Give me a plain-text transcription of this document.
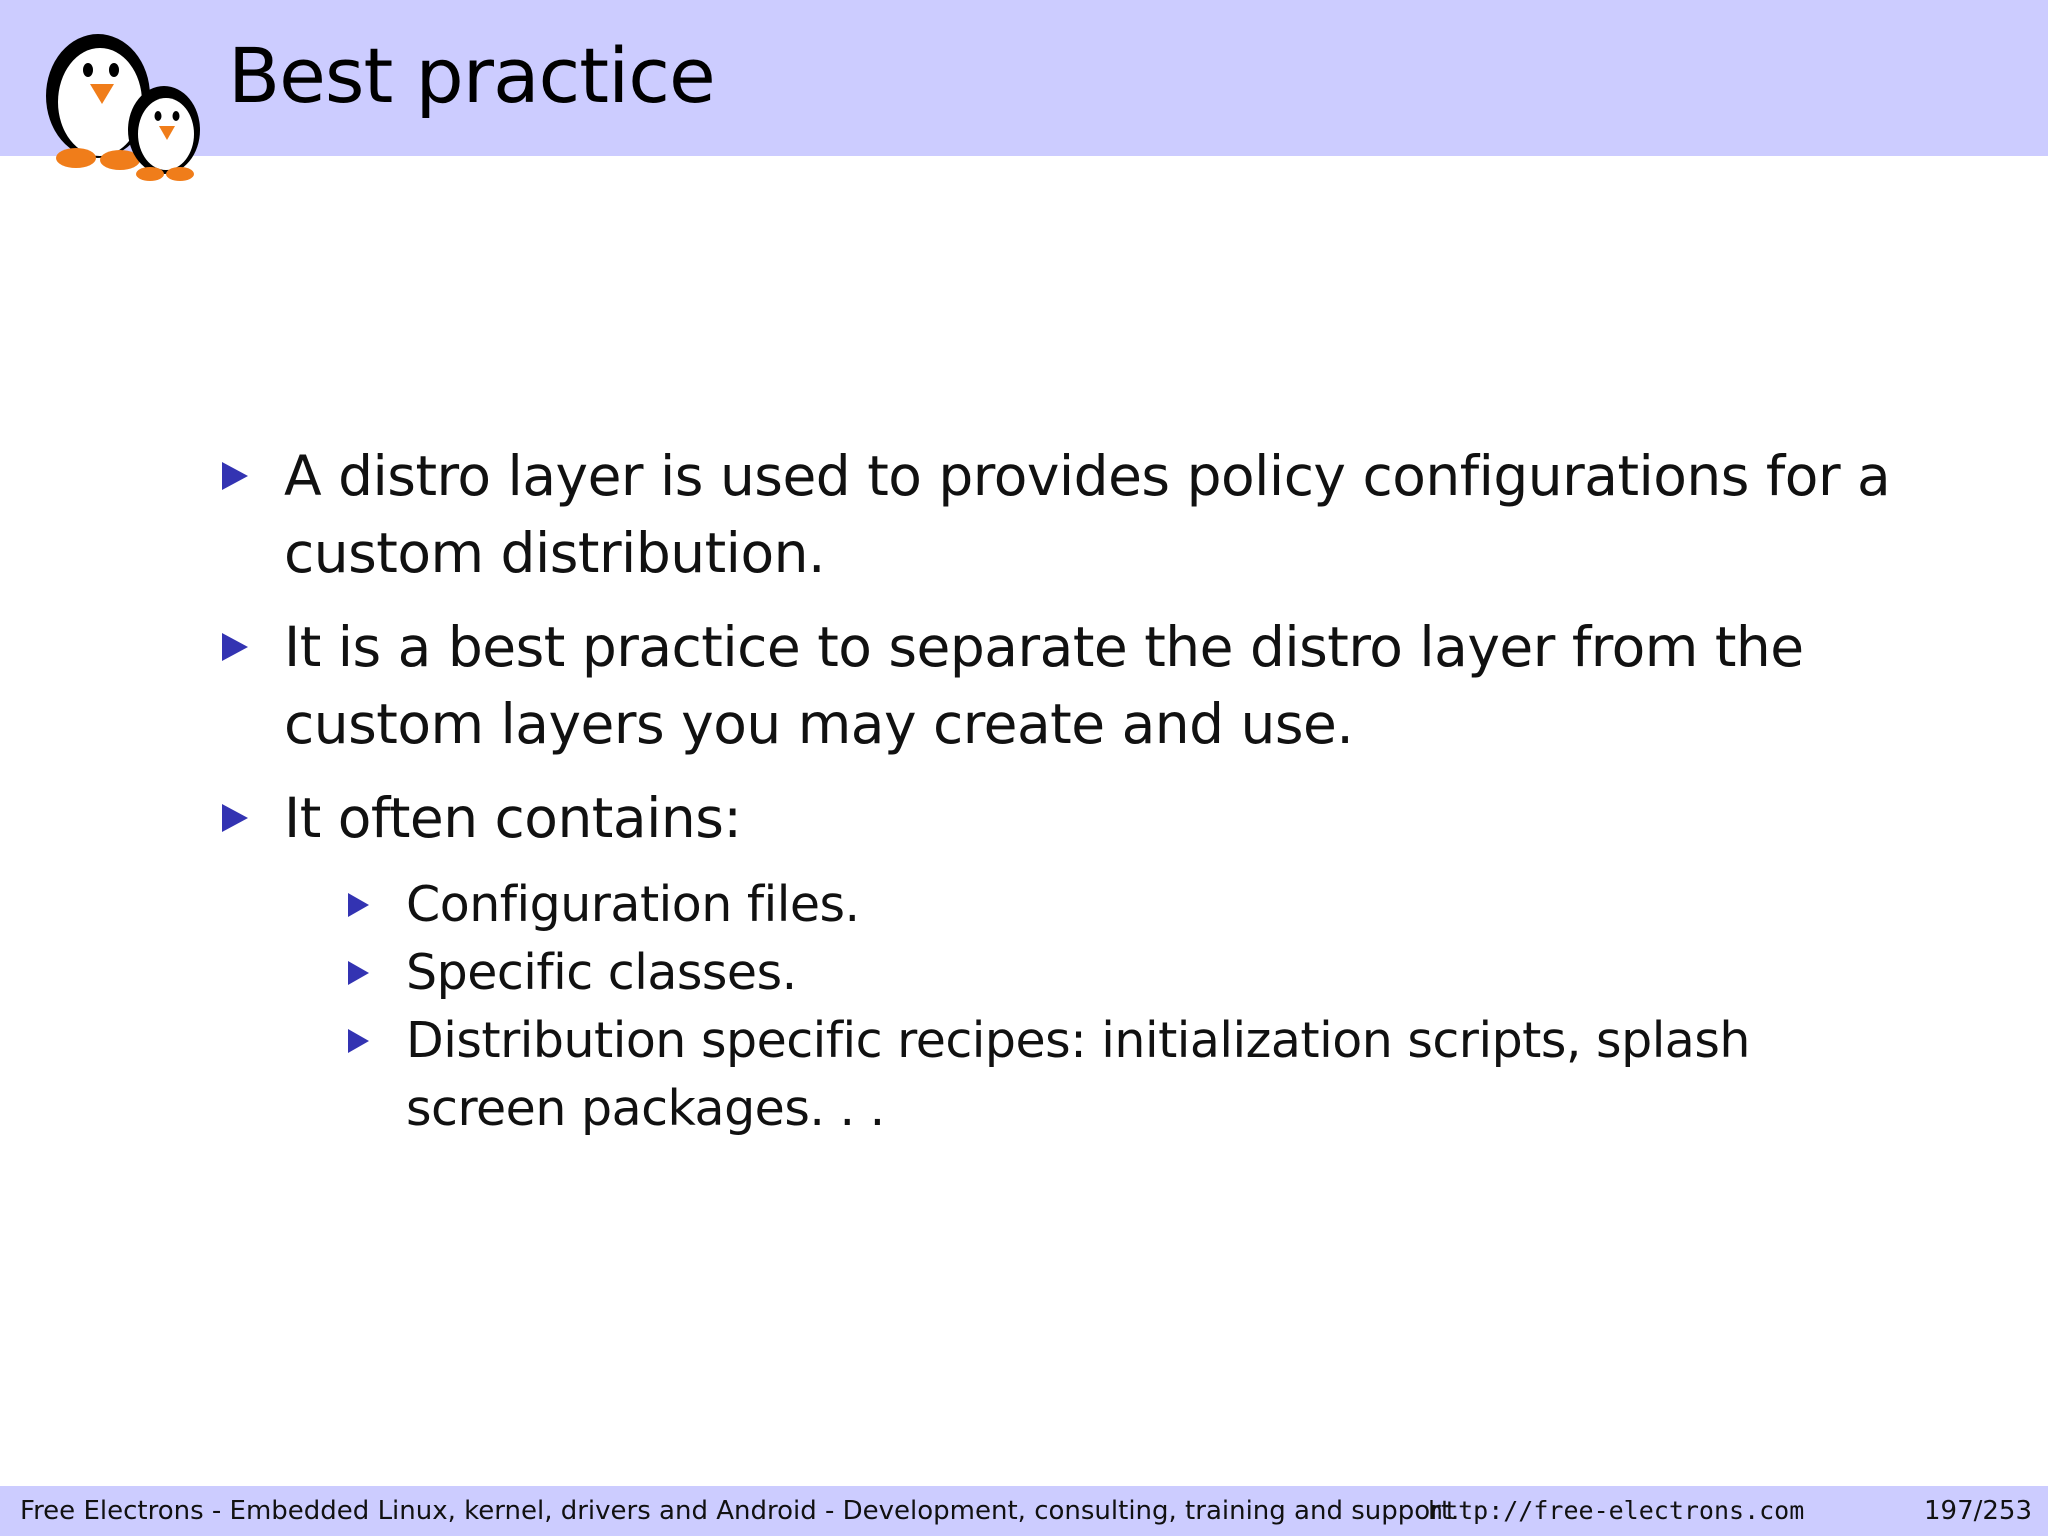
Best practice
A distro layer is used to provides policy configurations for a custom distribution.
It is a best practice to separate the distro layer from the custom layers you may create and use.
It often contains:
Configuration files.
Specific classes.
Distribution specific recipes: initialization scripts, splash screen packages. . .
Free Electrons - Embedded Linux, kernel, drivers and Android - Development, consulting, training and support.
http://free-electrons.com	197/253
